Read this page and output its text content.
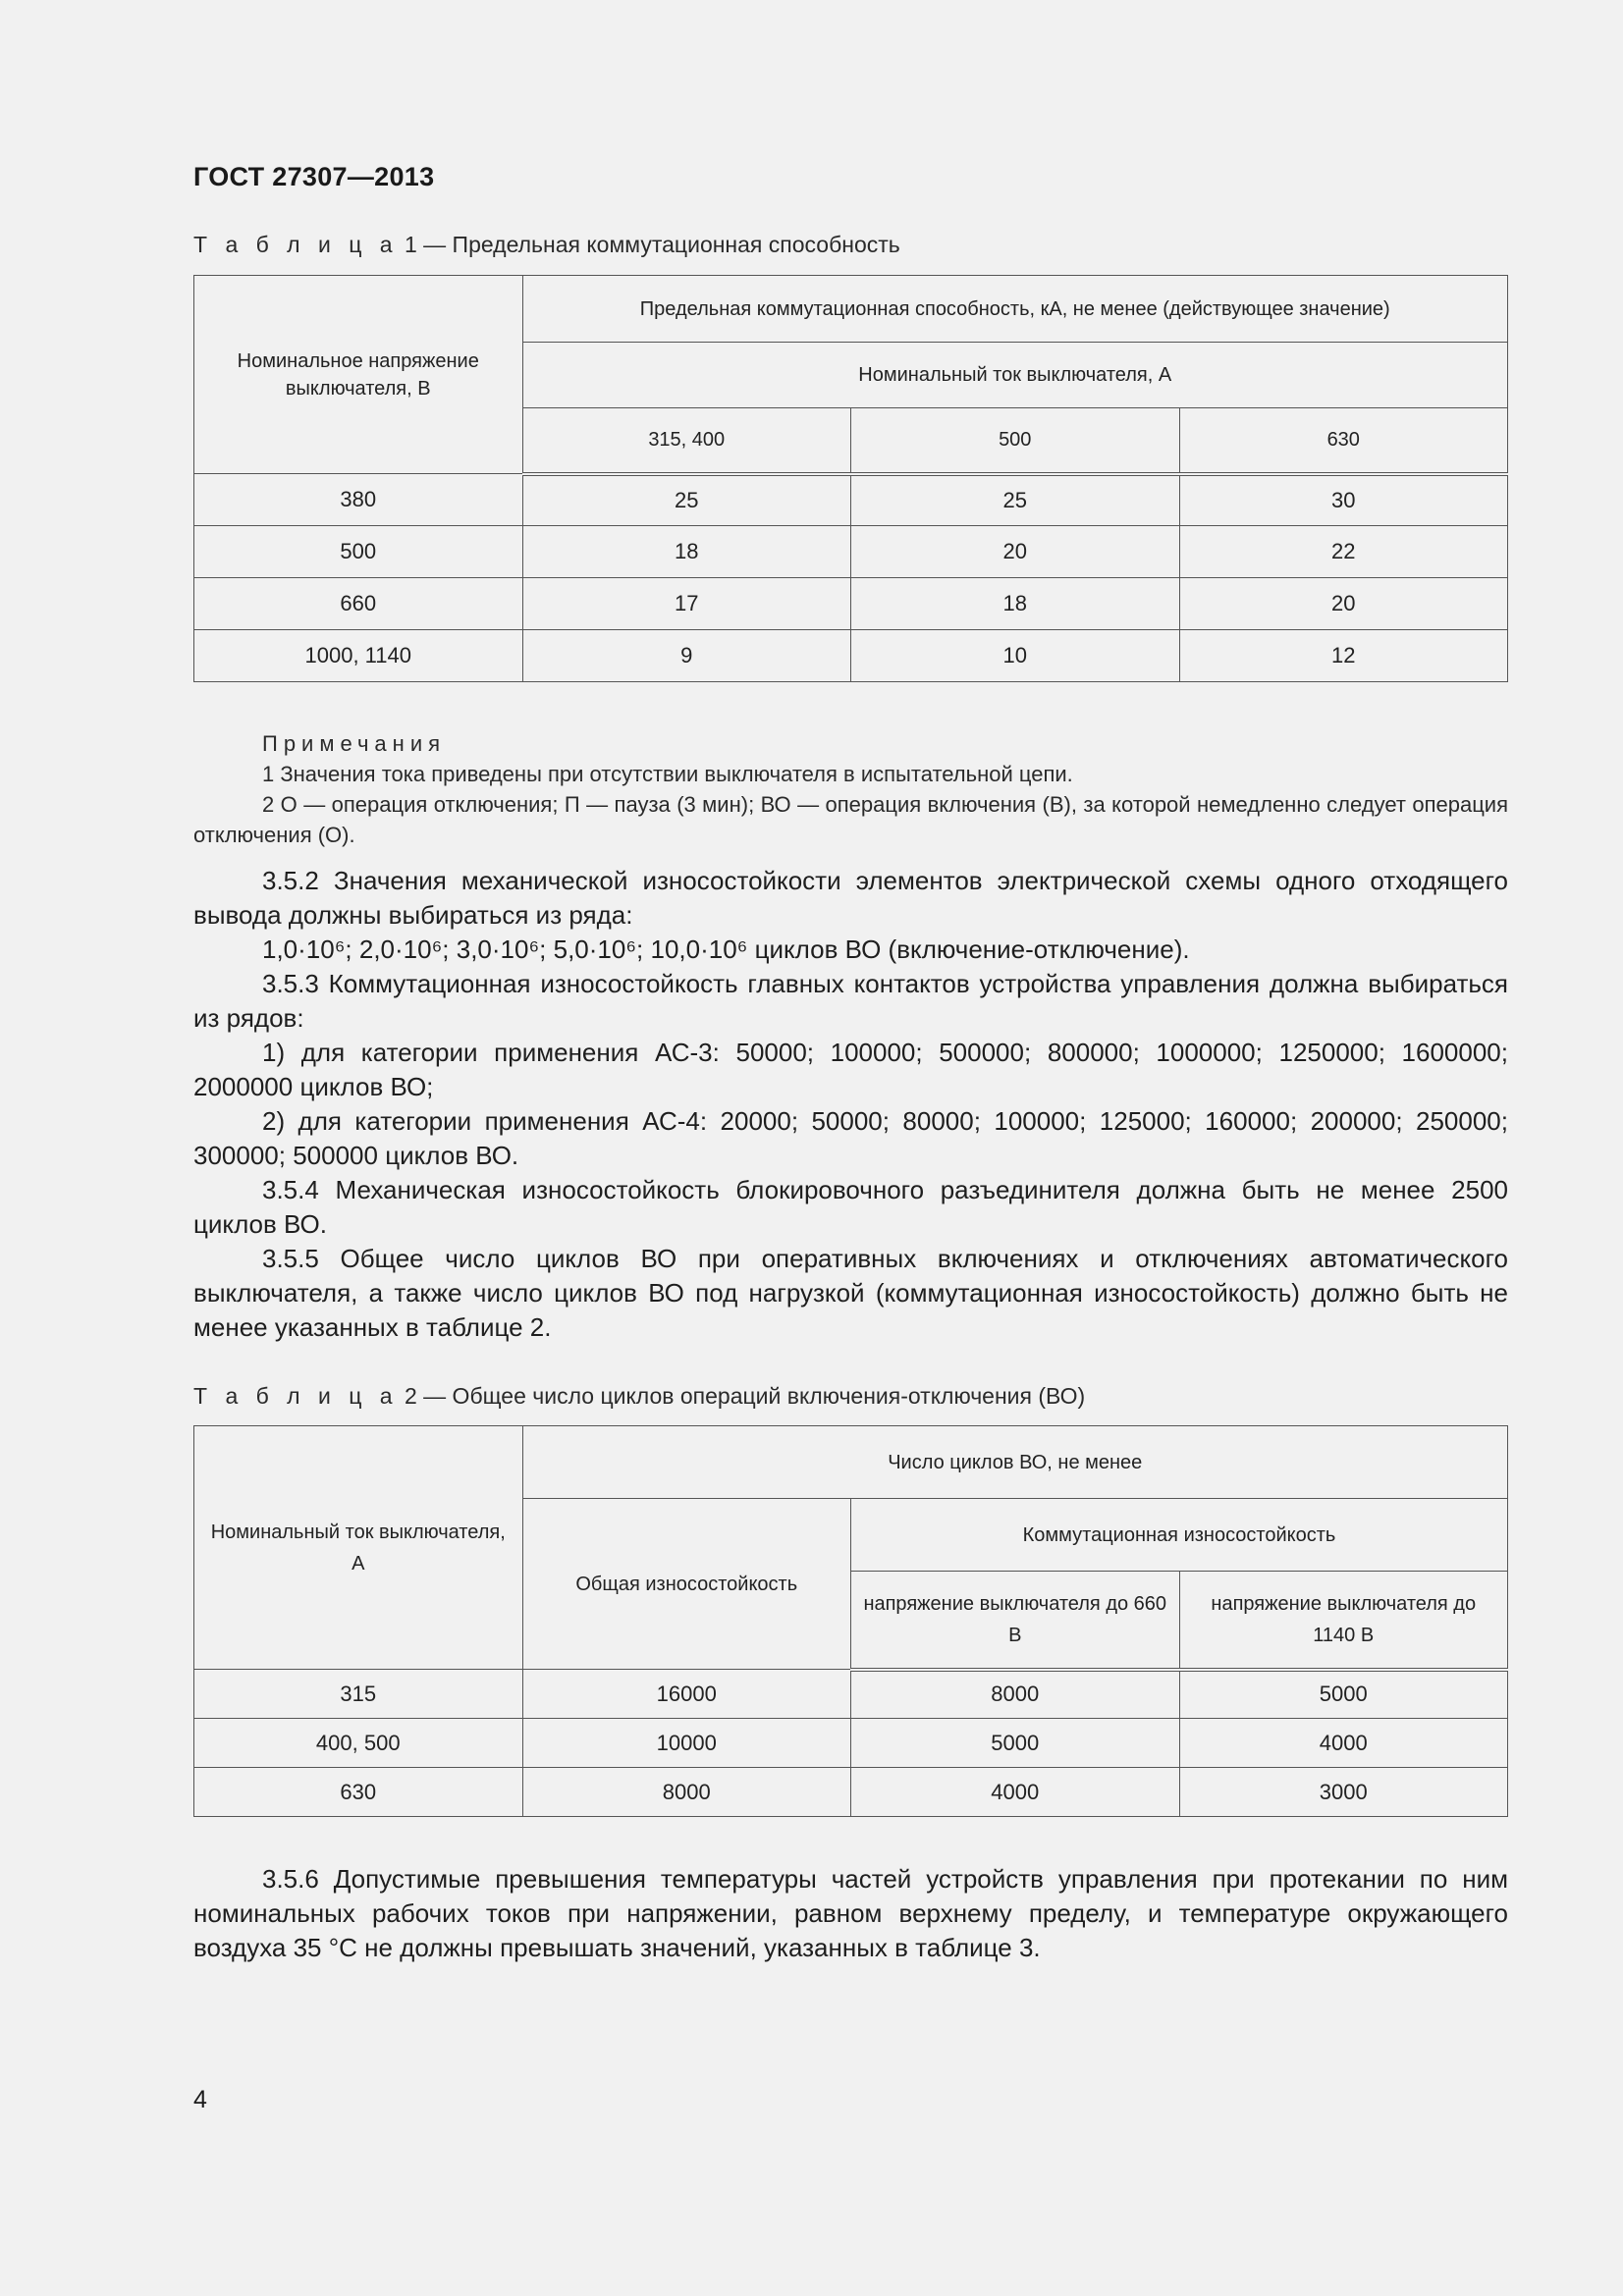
ГОСТ 27307—2013
Т а б л и ц а 1 — Предельная коммутационная способность
Номинальное напряжение выключателя, В	Предельная коммутационная способность, кА, не менее (действующее значение)		
	Номинальный ток выключателя, А		
	315, 400	500	630
380	25	25	30
500	18	20	22
660	17	18	20
1000, 1140	9	10	12
Примечания
1 Значения тока приведены при отсутствии выключателя в испытательной цепи.
2 О — операция отключения; П — пауза (3 мин); ВО — операция включения (В), за которой немедленно следует операция отключения (О).

3.5.2 Значения механической износостойкости элементов электрической схемы одного отходящего вывода должны выбираться из ряда:

1,0·10⁶; 2,0·10⁶; 3,0·10⁶; 5,0·10⁶; 10,0·10⁶ циклов ВО (включение-отключение).

3.5.3 Коммутационная износостойкость главных контактов устройства управления должна выбираться из рядов:

1) для категории применения АС-3: 50000; 100000; 500000; 800000; 1000000; 1250000; 1600000; 2000000 циклов ВО;

2) для категории применения АС-4: 20000; 50000; 80000; 100000; 125000; 160000; 200000; 250000; 300000; 500000 циклов ВО.

3.5.4 Механическая износостойкость блокировочного разъединителя должна быть не менее 2500 циклов ВО.

3.5.5 Общее число циклов ВО при оперативных включениях и отключениях автоматического выключателя, а также число циклов ВО под нагрузкой (коммутационная износостойкость) должно быть не менее указанных в таблице 2.

Т а б л и ц а 2 — Общее число циклов операций включения-отключения (ВО)
Номинальный ток выключателя, А	Число циклов ВО, не менее		
	Общая износостойкость	Коммутационная износостойкость	
		напряжение выключателя до 660 В	напряжение выключателя до 1140 В
315	16000	8000	5000
400, 500	10000	5000	4000
630	8000	4000	3000

3.5.6 Допустимые превышения температуры частей устройств управления при протекании по ним номинальных рабочих токов при напряжении, равном верхнему пределу, и температуре окружающего воздуха 35 °С не должны превышать значений, указанных в таблице 3.

4
